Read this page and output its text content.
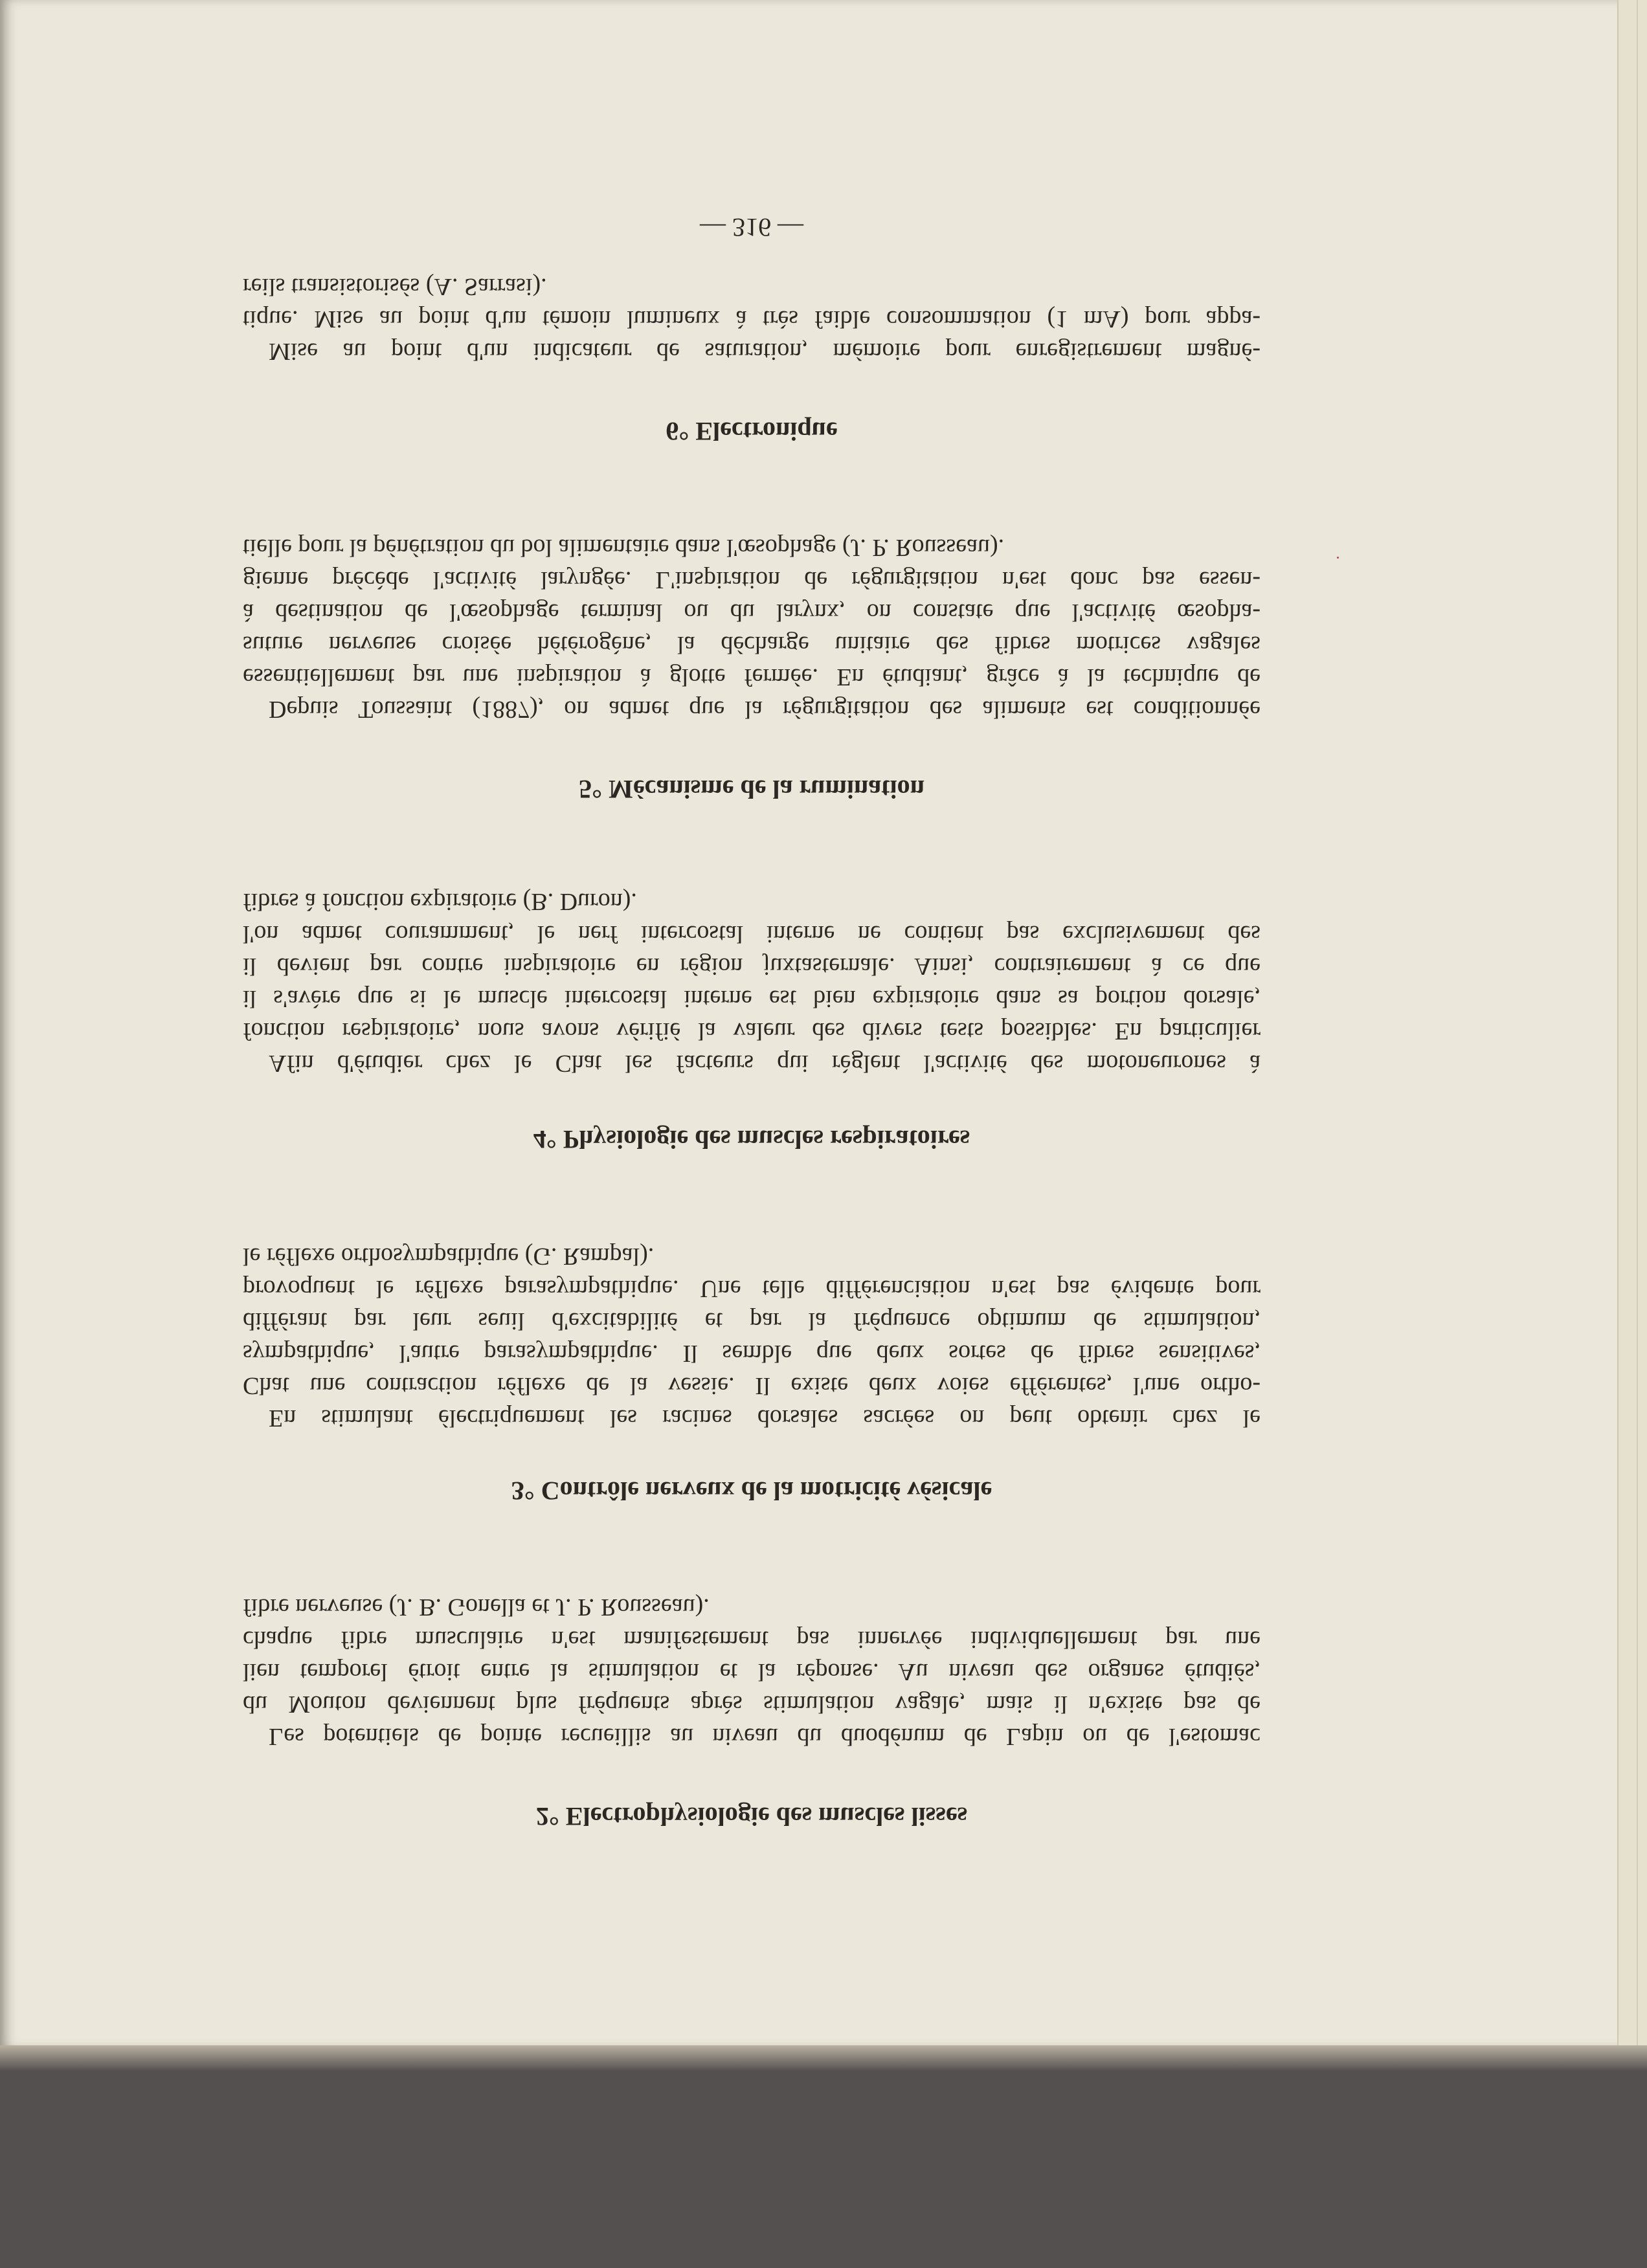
2° Electrophysiologie des muscles lisses
Les potentiels de pointe recueillis au niveau du duodénum de Lapin ou de l'estomac
du Mouton deviennent plus fréquents après stimulation vagale, mais il n'existe pas de
lien temporel étroit entre la stimulation et la réponse. Au niveau des organes étudiés,
chaque fibre musculaire n'est manifestement pas innervée individuellement par une
fibre nerveuse (J. B. Gonella et J. P. Rousseau).
3° Contrôle nerveux de la motricité vésicale
En stimulant électriquement les racines dorsales sacrées on peut obtenir chez le
Chat une contraction réflexe de la vessie. Il existe deux voies efférentes, l'une ortho-
sympathique, l'autre parasympathique. Il semble que deux sortes de fibres sensitives,
différant par leur seuil d'excitabilité et par la fréquence optimum de stimulation,
provoquent le réflexe parasympathique. Une telle différenciation n'est pas évidente pour
le réflexe orthosympathique (G. Rampal).
4° Physiologie des muscles respiratoires
Afin d'étudier chez le Chat les facteurs qui règlent l'activité des motoneurones à
fonction respiratoire, nous avons vérifié la valeur des divers tests possibles. En particulier
il s'avère que si le muscle intercostal interne est bien expiratoire dans sa portion dorsale,
il devient par contre inspiratoire en région juxtasternale. Ainsi, contrairement à ce que
l'on admet couramment, le nerf intercostal interne ne contient pas exclusivement des
fibres à fonction expiratoire (B. Duron).
5° Mécanisme de la rumination
Depuis Toussaint (1887), on admet que la régurgitation des aliments est conditionnée
essentiellement par une inspiration à glotte fermée. En étudiant, grâce à la technique de
suture nerveuse croisée hétérogène, la décharge unitaire des fibres motrices vagales
à destination de l'œsophage terminal ou du larynx, on constate que l'activité œsopha-
gienne précède l'activité laryngée. L'inspiration de régurgitation n'est donc pas essen-
tielle pour la pénétration du bol alimentaire dans l'œsophage (J. P. Rousseau).
6° Electronique
Mise au point d'un indicateur de saturation, mémoire pour enregistrement magné-
tique. Mise au point d'un témoin lumineux à très faible consommation (1 mA) pour appa-
reils transistorisés (A. Sarrasi).
— 316 —
